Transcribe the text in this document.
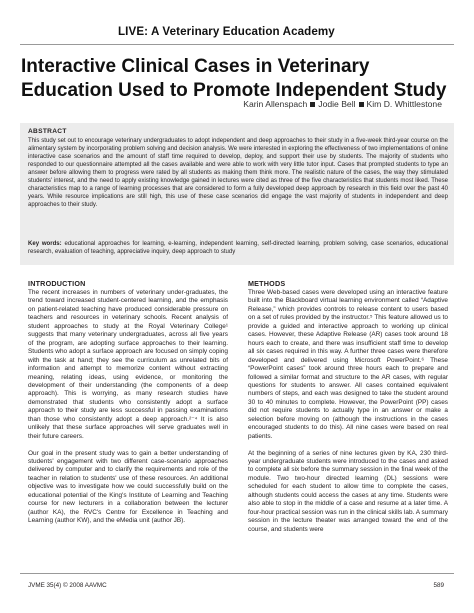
LIVE: A Veterinary Education Academy
Interactive Clinical Cases in Veterinary Education Used to Promote Independent Study
Karin Allenspach Jodie Bell Kim D. Whittlestone
ABSTRACT
This study set out to encourage veterinary undergraduates to adopt independent and deep approaches to their study in a five-week third-year course on the alimentary system by incorporating problem solving and decision analysis. We were interested in exploring the effectiveness of two implementations of online interactive case scenarios and the amount of staff time required to develop, deploy, and support their use by students. The majority of students who responded to our questionnaire attempted all the cases available and were able to work with very little tutor input. Cases that prompted students to type an answer before allowing them to progress were rated by all students as making them think more. The realistic nature of the cases, the way they stimulated students' interest, and the need to apply existing knowledge gained in lectures were cited as three of the five characteristics that students most liked. These characteristics map to a range of learning processes that are considered to form a fully developed deep approach by research in this field over the past 40 years. While resource implications are still high, this use of these case scenarios did engage the vast majority of students in independent and deep approaches to their study.
Key words: educational approaches for learning, e-learning, independent learning, self-directed learning, problem solving, case scenarios, educational research, evaluation of teaching, appreciative inquiry, deep approach to study
INTRODUCTION

The recent increases in numbers of veterinary under-graduates, the trend toward increased student-centered learning, and the emphasis on patient-related teaching have produced considerable pressure on teachers and resources in veterinary schools. Recent analysis of student approaches to study at the Royal Veterinary College¹ suggests that many veterinary undergraduates, across all five years of the program, are adopting surface approaches to their learning. Students who adopt a surface approach are focused on simply coping with the task at hand; they see the curriculum as unrelated bits of information and attempt to memorize content without extracting meaning, relating ideas, using evidence, or monitoring the development of their understanding (the components of a deep approach). This is worrying, as many research studies have demonstrated that students who consistently adopt a surface approach to their study are less successful in passing examinations than those who consistently adopt a deep approach.²⁻⁴ It is also unlikely that these surface approaches will serve graduates well in their future careers.

Our goal in the present study was to gain a better understanding of students' engagement with two different case-scenario approaches delivered by computer and to clarify the requirements and role of the teacher in relation to students' use of these resources. An additional objective was to investigate how we could successfully build on the educational potential of the King's Institute of Learning and Teaching course for new lecturers in a collaboration between the lecturer (author KA), the RVC's Centre for Excellence in Teaching and Learning (author KW), and the eMedia unit (author JB).

METHODS

Three Web-based cases were developed using an interactive feature built into the Blackboard virtual learning environment called “Adaptive Release,” which provides controls to release content to users based on a set of rules provided by the instructor.⁵ This feature allowed us to provide a guided and interactive approach to working up clinical cases. However, these Adaptive Release (AR) cases took around 18 hours each to create, and there was insufficient staff time to develop all six cases required in this way. A further three cases were therefore developed and delivered using Microsoft PowerPoint.⁶ These “PowerPoint cases” took around three hours each to prepare and followed a similar format and structure to the AR cases, with regular questions for students to answer. All cases contained equivalent numbers of steps, and each was designed to take the student around 30 to 40 minutes to complete. However, the PowerPoint (PP) cases did not require students to actually type in an answer or make a selection before moving on (although the instructions in the cases encouraged students to do this). All nine cases were based on real patients.

At the beginning of a series of nine lectures given by KA, 230 third-year undergraduate students were introduced to the cases and asked to complete all six before the summary session in the final week of the module. Two two-hour directed learning (DL) sessions were scheduled for each student to allow time to complete the cases, although students could access the cases at any time. Students were also able to stop in the middle of a case and resume at a later time. A four-hour practical session was run in the clinical skills lab. A summary session in the lecture theater was arranged toward the end of the course, and students were

JVME 35(4) © 2008 AAVMC	589
